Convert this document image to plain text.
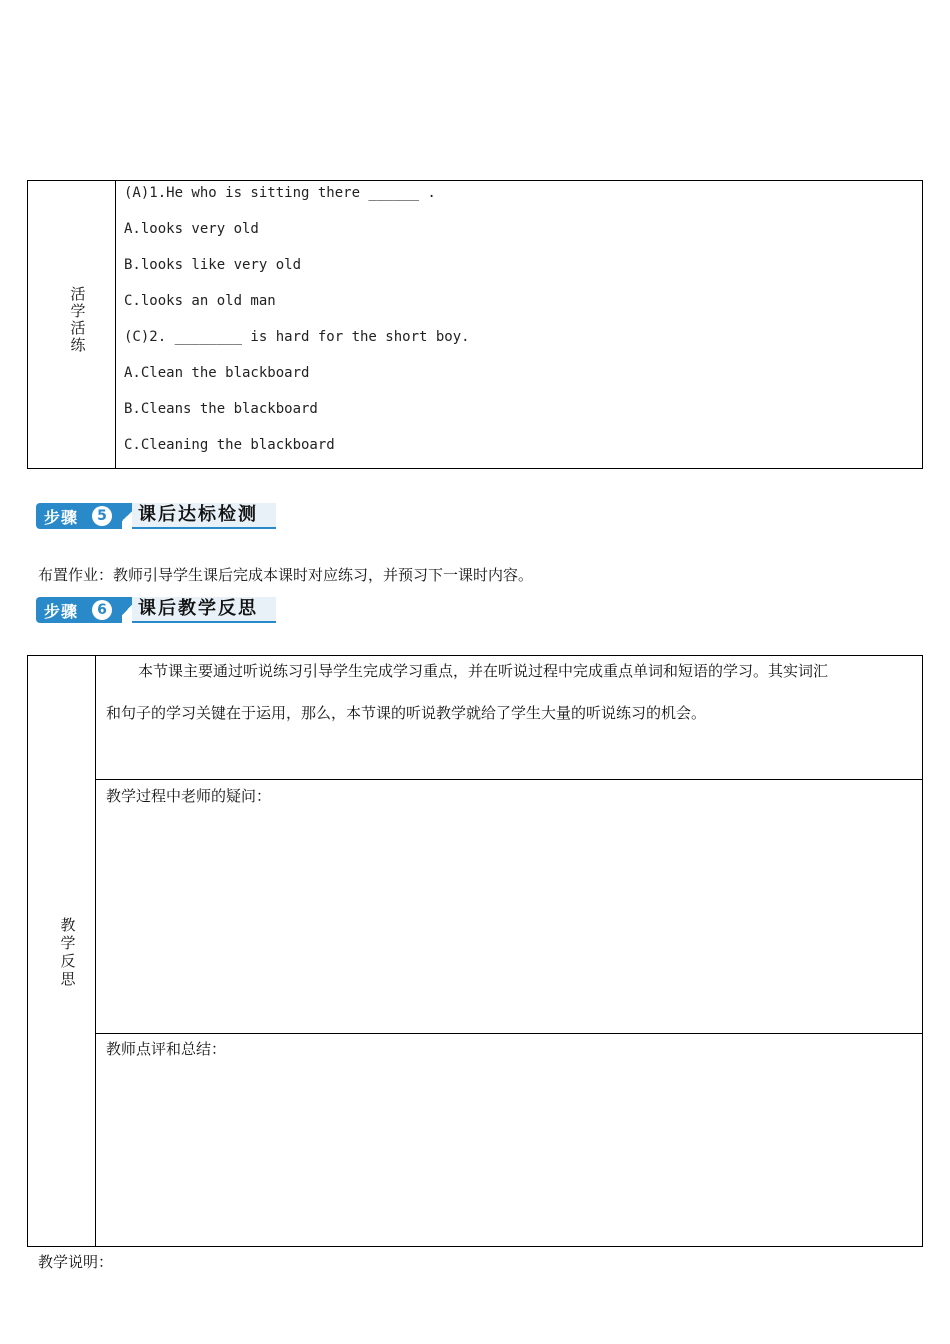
活学活练
(A)1.He who is sitting there ______ .
A.looks very old
B.looks like very old
C.looks an old man
(C)2. ________ is hard for the short boy.
A.Clean the blackboard
B.Cleans the blackboard
C.Cleaning the blackboard
步骤	5	课后达标检测
布置作业：教师引导学生课后完成本课时对应练习，并预习下一课时内容。
步骤	6	课后教学反思
教学反思
本节课主要通过听说练习引导学生完成学习重点，并在听说过程中完成重点单词和短语的学习。其实词汇
和句子的学习关键在于运用，那么，本节课的听说教学就给了学生大量的听说练习的机会。
教学过程中老师的疑问：
教师点评和总结：
教学说明：
